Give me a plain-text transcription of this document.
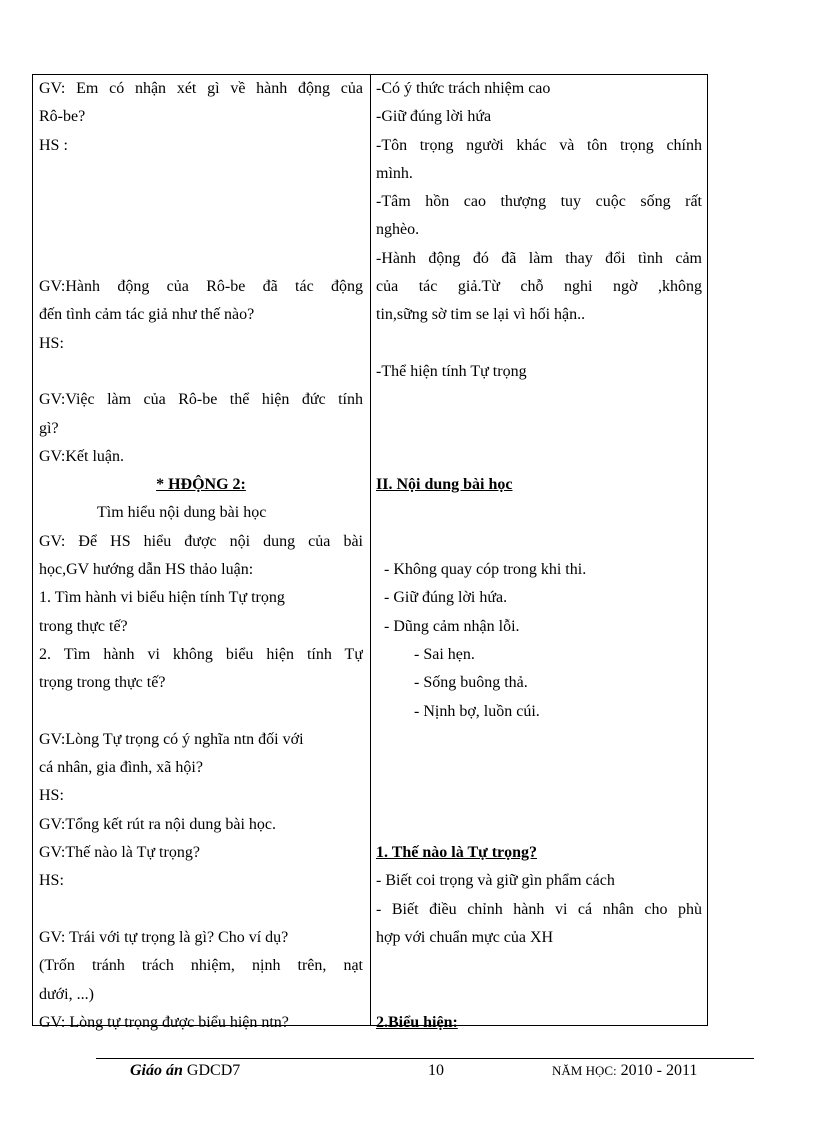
GV: Em có nhận xét gì về hành động của
Rô-be?
HS :
GV:Hành động của Rô-be đã tác động
đến tình cảm tác giả như thế nào?
HS:
GV:Việc làm của Rô-be thể hiện đức tính
gì?
GV:Kết luận.
* HĐỘNG 2:
Tìm hiểu nội dung bài học
GV: Để HS hiểu được nội dung của bài
học,GV hướng dẫn HS thảo luận:
1. Tìm hành vi biểu hiện tính Tự trọng
trong thực tế?
2. Tìm hành vi không biểu hiện tính Tự
trọng trong thực tế?
GV:Lòng Tự trọng có ý nghĩa ntn đối với
cá nhân, gia đình, xã hội?
HS:
GV:Tổng kết rút ra nội dung bài học.
GV:Thế nào là Tự trọng?
HS:
GV: Trái với tự trọng là gì? Cho ví dụ?
(Trốn tránh trách nhiệm, nịnh trên, nạt
dưới, ...)
GV: Lòng tự trọng được biểu hiện ntn?
-Có ý thức trách nhiệm cao
-Giữ đúng lời hứa
-Tôn trọng người khác và tôn trọng chính
mình.
-Tâm hồn cao thượng tuy cuộc sống rất
nghèo.
-Hành động đó đã làm thay đổi tình cảm
của tác giả.Từ chỗ nghi ngờ ,không
tin,sững sờ tim se lại vì hối hận..
-Thể hiện tính Tự trọng
II. Nội dung bài học
- Không quay cóp trong khi thi.
- Giữ đúng lời hứa.
- Dũng cảm nhận lỗi.
- Sai hẹn.
- Sống buông thả.
- Nịnh bợ, luồn cúi.
1. Thế nào là Tự trọng?
- Biết coi trọng và giữ gìn phẩm cách
- Biết điều chỉnh hành vi cá nhân cho phù
hợp với chuẩn mực của XH
2.Biểu hiện:
Giáo án GDCD7	10	NĂM HỌC: 2010 - 2011
